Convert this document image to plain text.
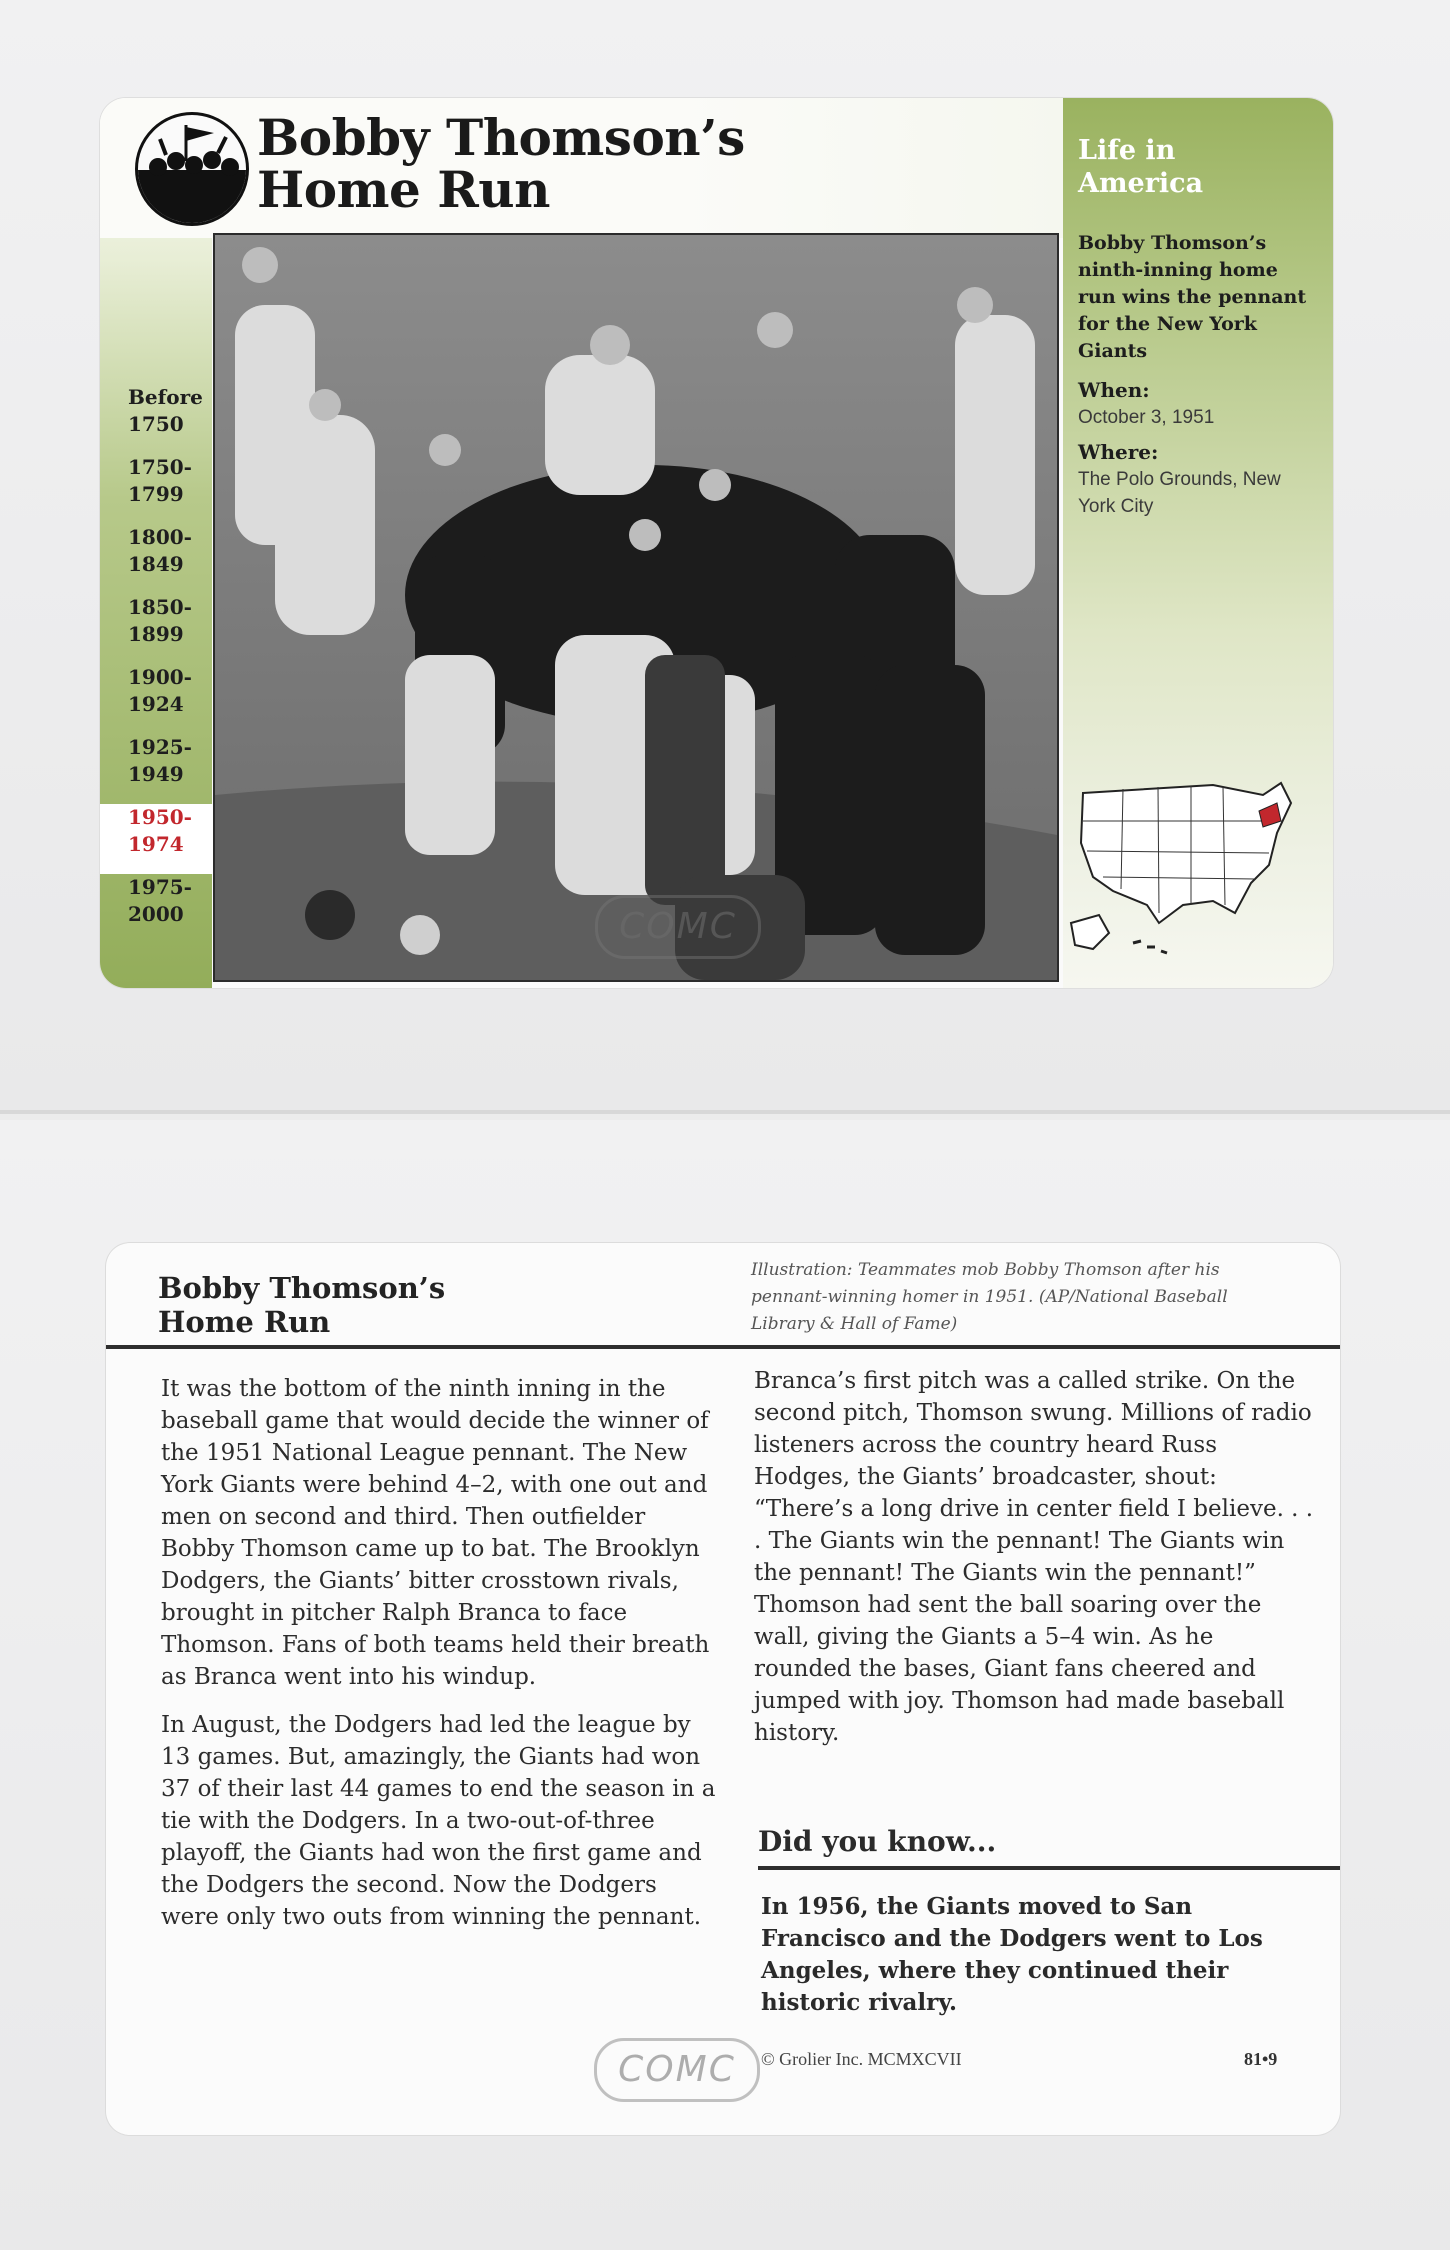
Bobby Thomson’s
Home Run
Before
1750
1750-
1799
1800-
1849
1850-
1899
1900-
1924
1925-
1949
1950-
1974
1975-
2000	COMC
Life in
America
Bobby Thomson’s ninth-inning home run wins the pennant for the New York Giants
When:
October 3, 1951
Where:
The Polo Grounds, New York City
Bobby Thomson’s
Home Run
Illustration: Teammates mob Bobby Thomson after his pennant-winning homer in 1951. (AP/National Baseball Library & Hall of Fame)

It was the bottom of the ninth inning in the baseball game that would decide the winner of the 1951 National League pennant. The New York Giants were behind 4–2, with one out and men on second and third. Then outfielder Bobby Thomson came up to bat. The Brooklyn Dodgers, the Giants’ bitter crosstown rivals, brought in pitcher Ralph Branca to face Thomson. Fans of both teams held their breath as Branca went into his windup.

In August, the Dodgers had led the league by 13 games. But, amazingly, the Giants had won 37 of their last 44 games to end the season in a tie with the Dodgers. In a two-out-of-three playoff, the Giants had won the first game and the Dodgers the second. Now the Dodgers were only two outs from winning the pennant.

Branca’s first pitch was a called strike. On the second pitch, Thomson swung. Millions of radio listeners across the country heard Russ Hodges, the Giants’ broadcaster, shout: “There’s a long drive in center field I believe. . . . The Giants win the pennant! The Giants win the pennant! The Giants win the pennant!” Thomson had sent the ball soaring over the wall, giving the Giants a 5–4 win. As he rounded the bases, Giant fans cheered and jumped with joy. Thomson had made baseball history.

Did you know...
In 1956, the Giants moved to San Francisco and the Dodgers went to Los Angeles, where they continued their historic rivalry.
COMC	© Grolier Inc. MCMXCVII	81•9
